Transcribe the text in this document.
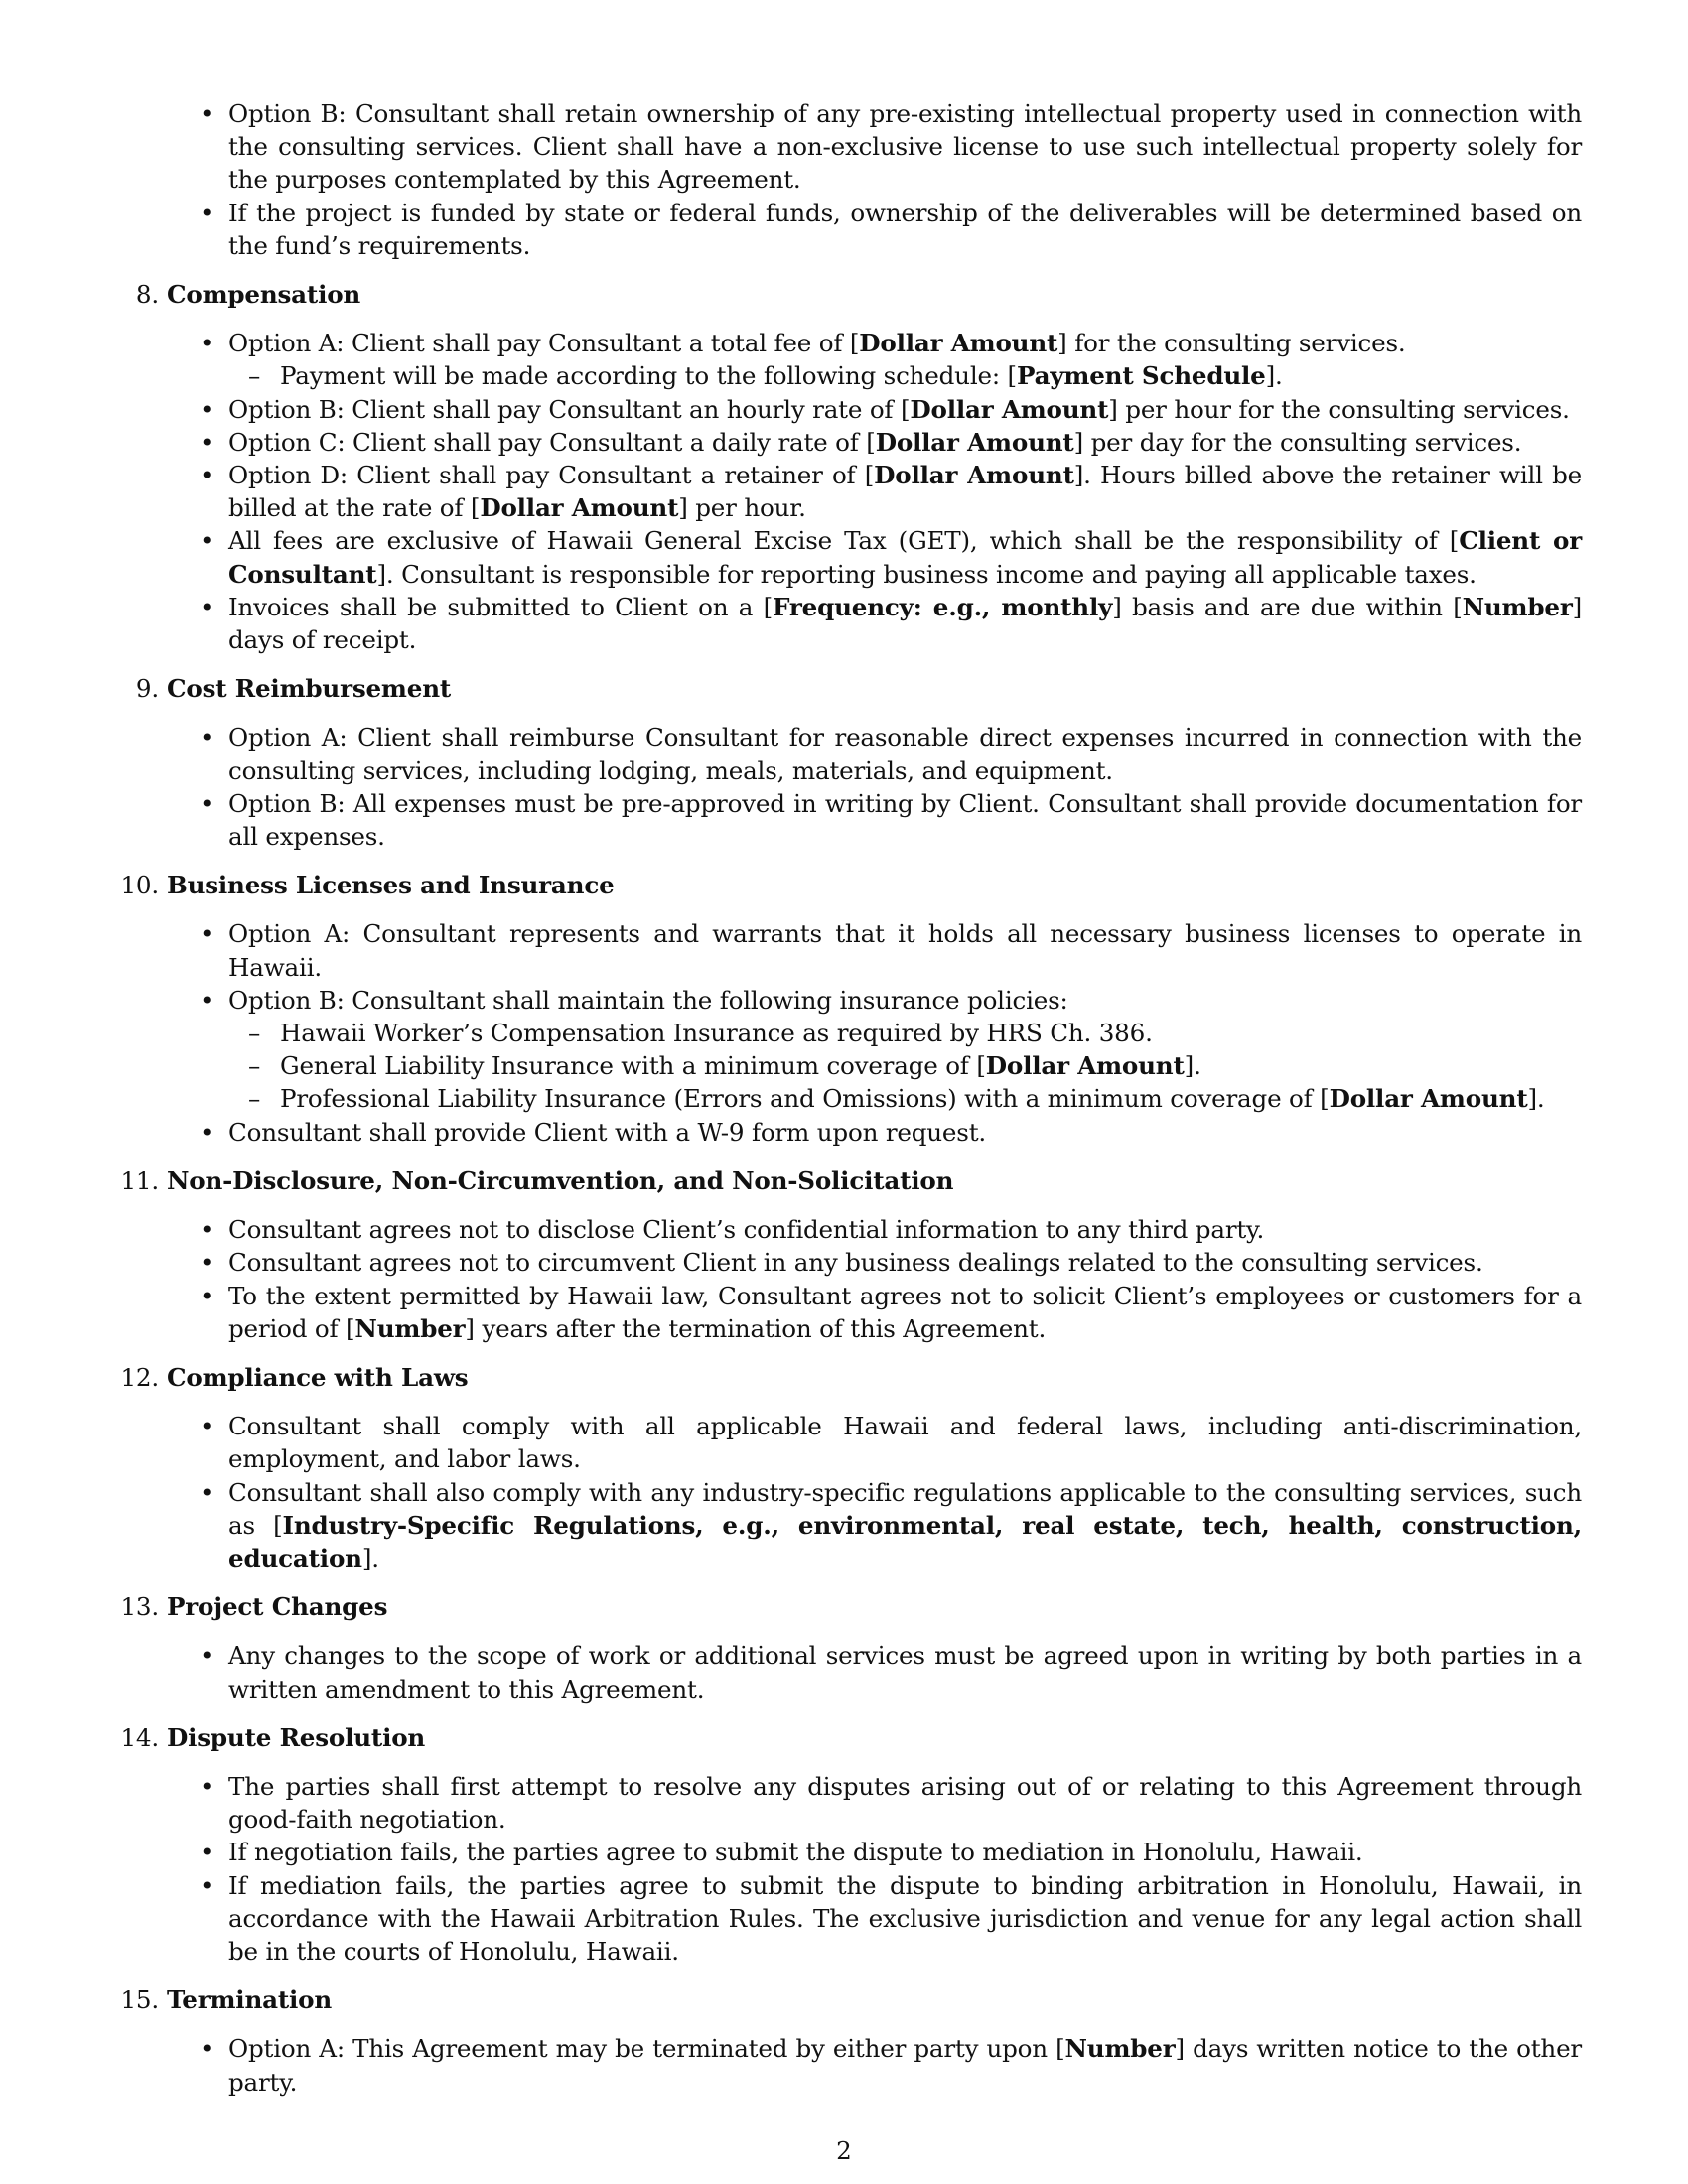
• Option B: Consultant shall retain ownership of any pre-existing intellectual property used in connection with the consulting services. Client shall have a non-exclusive license to use such intellectual property solely for the purposes contemplated by this Agreement.
• If the project is funded by state or federal funds, ownership of the deliverables will be determined based on the fund’s requirements.
8. Compensation
• Option A: Client shall pay Consultant a total fee of [ Dollar Amount ] for the consulting services.
– Payment will be made according to the following schedule: [ Payment Schedule ] .
• Option B: Client shall pay Consultant an hourly rate of [ Dollar Amount ] per hour for the consulting services.
• Option C: Client shall pay Consultant a daily rate of [ Dollar Amount ] per day for the consulting services.
• Option D: Client shall pay Consultant a retainer of [ Dollar Amount ] . Hours billed above the retainer will be billed at the rate of [ Dollar Amount ] per hour.
• All fees are exclusive of Hawaii General Excise Tax (GET), which shall be the responsibility of [ Client or Consultant ] . Consultant is responsible for reporting business income and paying all applicable taxes.
• Invoices shall be submitted to Client on a [ Frequency: e.g., monthly ] basis and are due within [ Number ] days of receipt.
9. Cost Reimbursement
• Option A: Client shall reimburse Consultant for reasonable direct expenses incurred in connection with the consulting services, including lodging, meals, materials, and equipment.
• Option B: All expenses must be pre-approved in writing by Client. Consultant shall provide documentation for all expenses.
10. Business Licenses and Insurance
• Option A: Consultant represents and warrants that it holds all necessary business licenses to operate in Hawaii.
• Option B: Consultant shall maintain the following insurance policies:
– Hawaii Worker’s Compensation Insurance as required by HRS Ch. 386.
– General Liability Insurance with a minimum coverage of [ Dollar Amount ] .
– Professional Liability Insurance (Errors and Omissions) with a minimum coverage of [ Dollar Amount ] .
• Consultant shall provide Client with a W-9 form upon request.
11. Non-Disclosure, Non-Circumvention, and Non-Solicitation
• Consultant agrees not to disclose Client’s confidential information to any third party.
• Consultant agrees not to circumvent Client in any business dealings related to the consulting services.
• To the extent permitted by Hawaii law, Consultant agrees not to solicit Client’s employees or customers for a period of [ Number ] years after the termination of this Agreement.
12. Compliance with Laws
• Consultant shall comply with all applicable Hawaii and federal laws, including anti-discrimination, employment, and labor laws.
• Consultant shall also comply with any industry-specific regulations applicable to the consulting services, such as [ Industry-Specific Regulations, e.g., environmental, real estate, tech, health, construction, education ] .
13. Project Changes
• Any changes to the scope of work or additional services must be agreed upon in writing by both parties in a written amendment to this Agreement.
14. Dispute Resolution
• The parties shall first attempt to resolve any disputes arising out of or relating to this Agreement through good-faith negotiation.
• If negotiation fails, the parties agree to submit the dispute to mediation in Honolulu, Hawaii.
• If mediation fails, the parties agree to submit the dispute to binding arbitration in Honolulu, Hawaii, in accordance with the Hawaii Arbitration Rules. The exclusive jurisdiction and venue for any legal action shall be in the courts of Honolulu, Hawaii.
15. Termination
• Option A: This Agreement may be terminated by either party upon [ Number ] days written notice to the other party.
2
